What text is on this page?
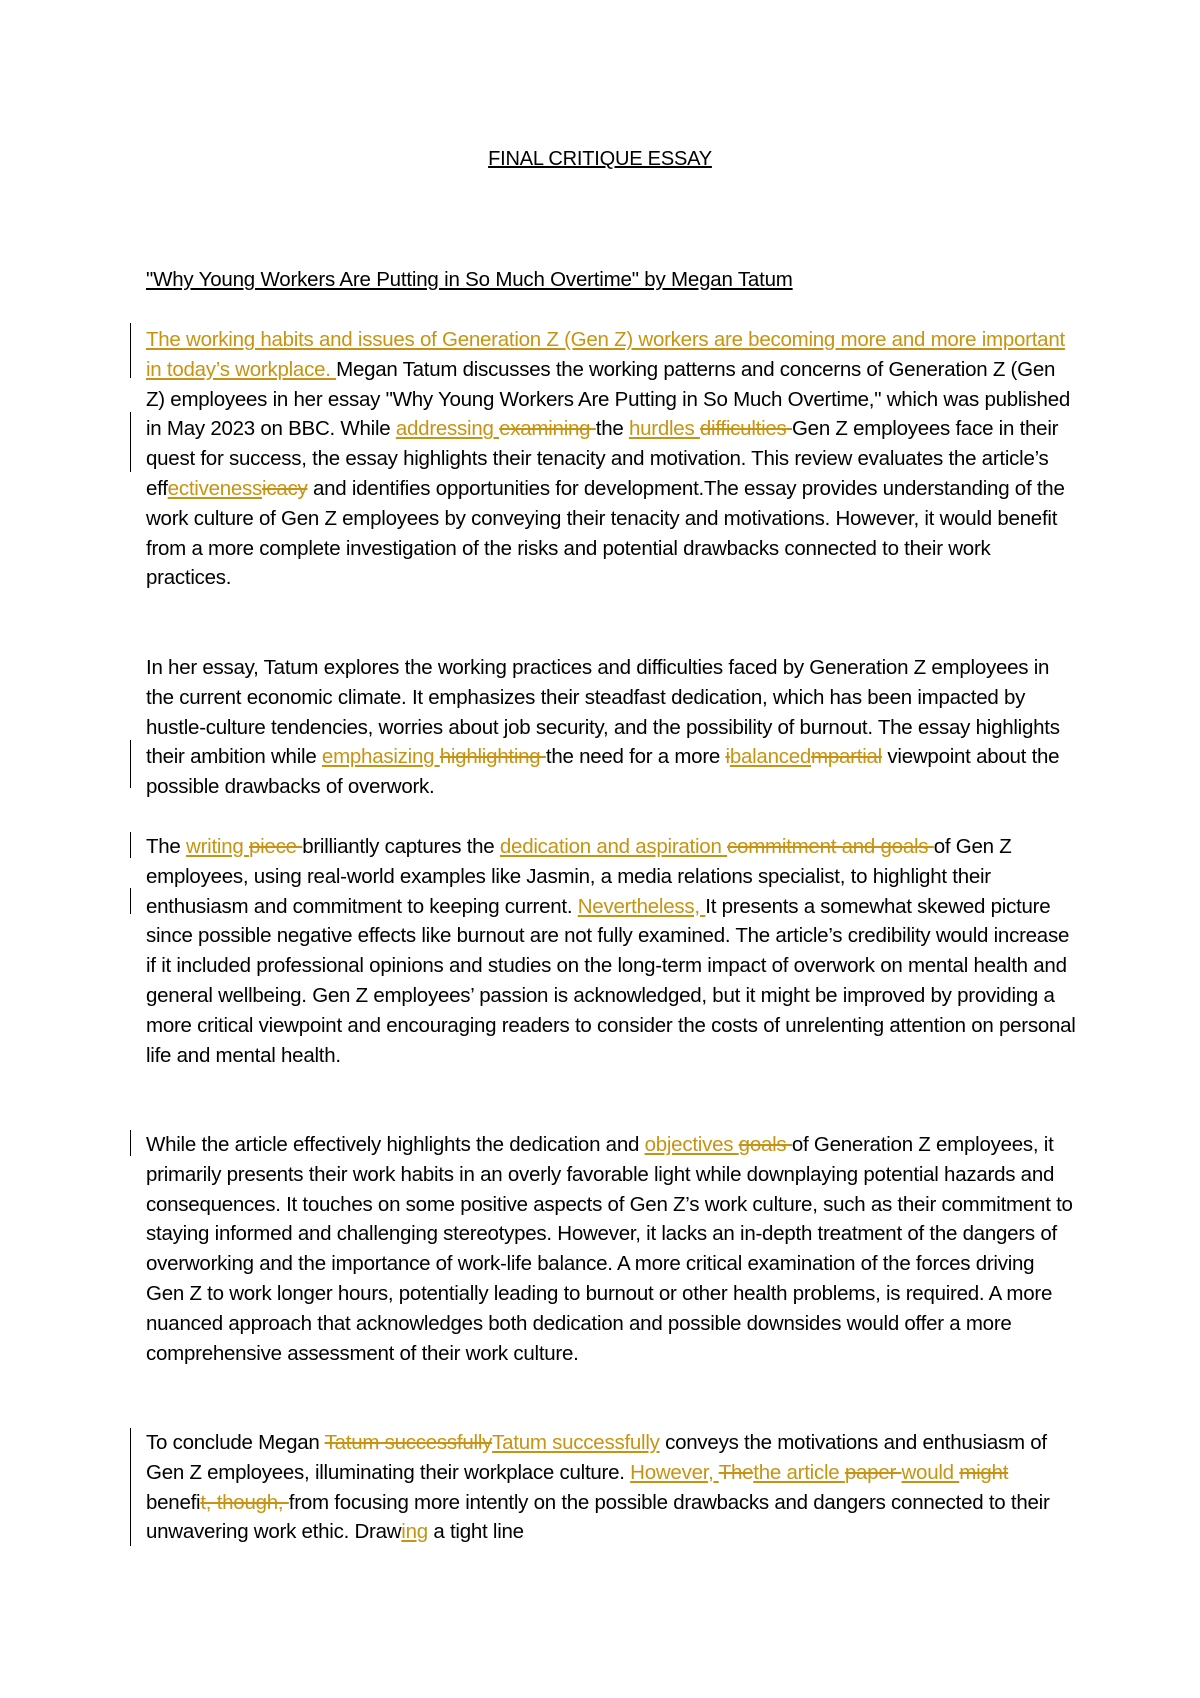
FINAL CRITIQUE ESSAY
"Why Young Workers Are Putting in So Much Overtime" by Megan Tatum
The working habits and issues of Generation Z (Gen Z) workers are becoming more and more important in today’s workplace. Megan Tatum discusses the working patterns and concerns of Generation Z (Gen Z) employees in her essay "Why Young Workers Are Putting in So Much Overtime," which was published in May 2023 on BBC. While addressing examining the hurdles difficulties Gen Z employees face in their quest for success, the essay highlights their tenacity and motivation. This review evaluates the article’s effectivenessicacy and identifies opportunities for development.The essay provides understanding of the work culture of Gen Z employees by conveying their tenacity and motivations. However, it would benefit from a more complete investigation of the risks and potential drawbacks connected to their work practices.
In her essay, Tatum explores the working practices and difficulties faced by Generation Z employees in the current economic climate. It emphasizes their steadfast dedication, which has been impacted by hustle-culture tendencies, worries about job security, and the possibility of burnout. The essay highlights their ambition while emphasizing highlighting the need for a more ibalancedmpartial viewpoint about the possible drawbacks of overwork.
The writing piece brilliantly captures the dedication and aspiration commitment and goals of Gen Z employees, using real-world examples like Jasmin, a media relations specialist, to highlight their enthusiasm and commitment to keeping current. Nevertheless, It presents a somewhat skewed picture since possible negative effects like burnout are not fully examined. The article’s credibility would increase if it included professional opinions and studies on the long-term impact of overwork on mental health and general wellbeing. Gen Z employees’ passion is acknowledged, but it might be improved by providing a more critical viewpoint and encouraging readers to consider the costs of unrelenting attention on personal life and mental health.
While the article effectively highlights the dedication and objectives goals of Generation Z employees, it primarily presents their work habits in an overly favorable light while downplaying potential hazards and consequences. It touches on some positive aspects of Gen Z’s work culture, such as their commitment to staying informed and challenging stereotypes. However, it lacks an in-depth treatment of the dangers of overworking and the importance of work-life balance. A more critical examination of the forces driving Gen Z to work longer hours, potentially leading to burnout or other health problems, is required. A more nuanced approach that acknowledges both dedication and possible downsides would offer a more comprehensive assessment of their work culture.
To conclude Megan Tatum successfullyTatum successfully conveys the motivations and enthusiasm of Gen Z employees, illuminating their workplace culture. However, Thethe article paper would might benefit, though, from focusing more intently on the possible drawbacks and dangers connected to their unwavering work ethic. Drawing a tight line
